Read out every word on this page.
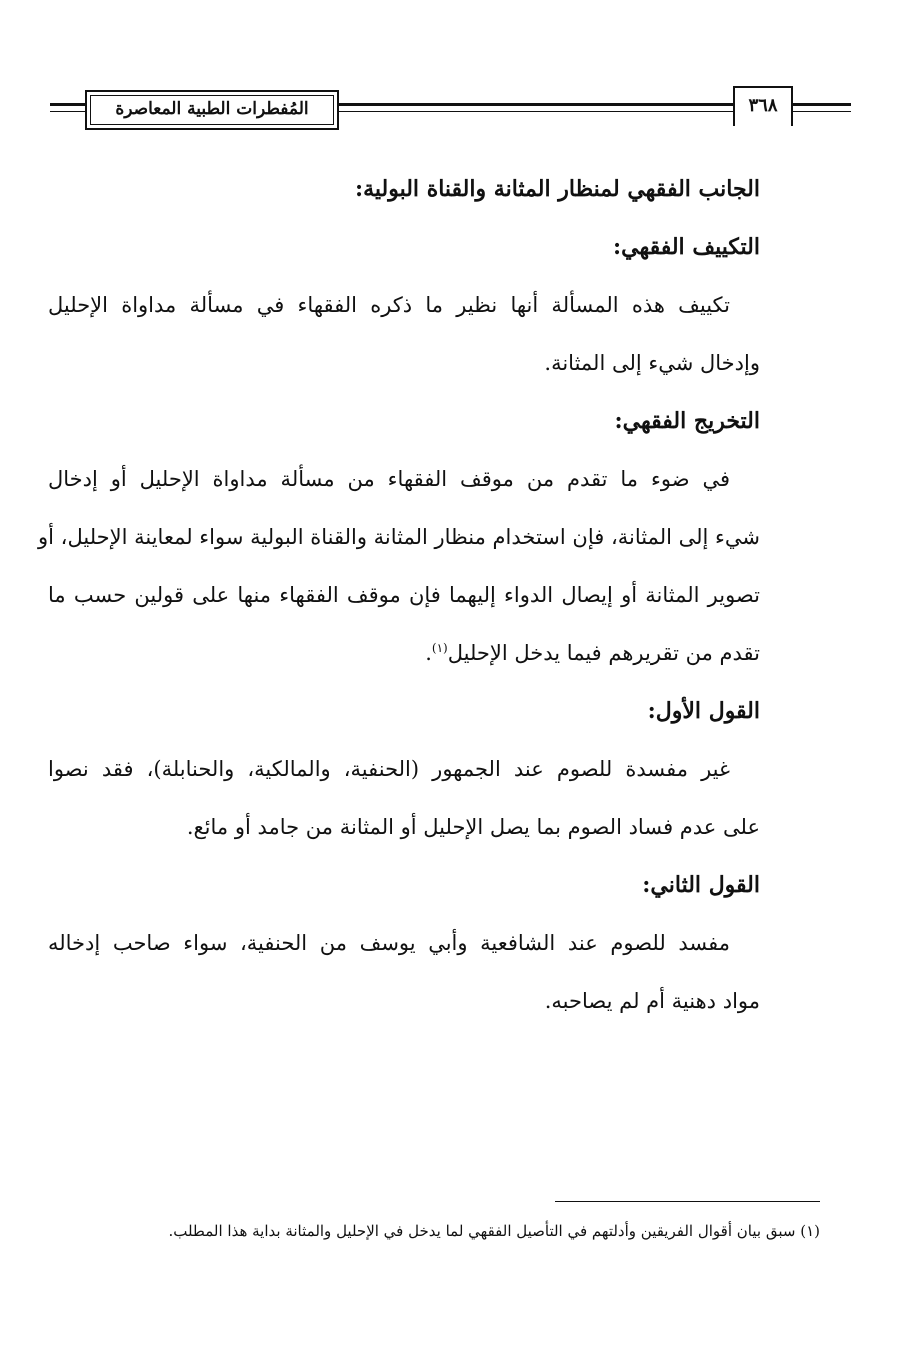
٣٦٨
المُفطرات الطبية المعاصرة
الجانب الفقهي لمنظار المثانة والقناة البولية:
التكييف الفقهي:
تكييف هذه المسألة أنها نظير ما ذكره الفقهاء في مسألة مداواة الإحليل
وإدخال شيء إلى المثانة.
التخريج الفقهي:
في ضوء ما تقدم من موقف الفقهاء من مسألة مداواة الإحليل أو إدخال
شيء إلى المثانة، فإن استخدام منظار المثانة والقناة البولية سواء لمعاينة الإحليل، أو
تصوير المثانة أو إيصال الدواء إليهما فإن موقف الفقهاء منها على قولين حسب ما
تقدم من تقريرهم فيما يدخل الإحليل$^{(١)}$.
القول الأول:
غير مفسدة للصوم عند الجمهور (الحنفية، والمالكية، والحنابلة)، فقد نصوا
على عدم فساد الصوم بما يصل الإحليل أو المثانة من جامد أو مائع.
القول الثاني:
مفسد للصوم عند الشافعية وأبي يوسف من الحنفية، سواء صاحب إدخاله
مواد دهنية أم لم يصاحبه.
(١) سبق بيان أقوال الفريقين وأدلتهم في التأصيل الفقهي لما يدخل في الإحليل والمثانة بداية هذا المطلب.
